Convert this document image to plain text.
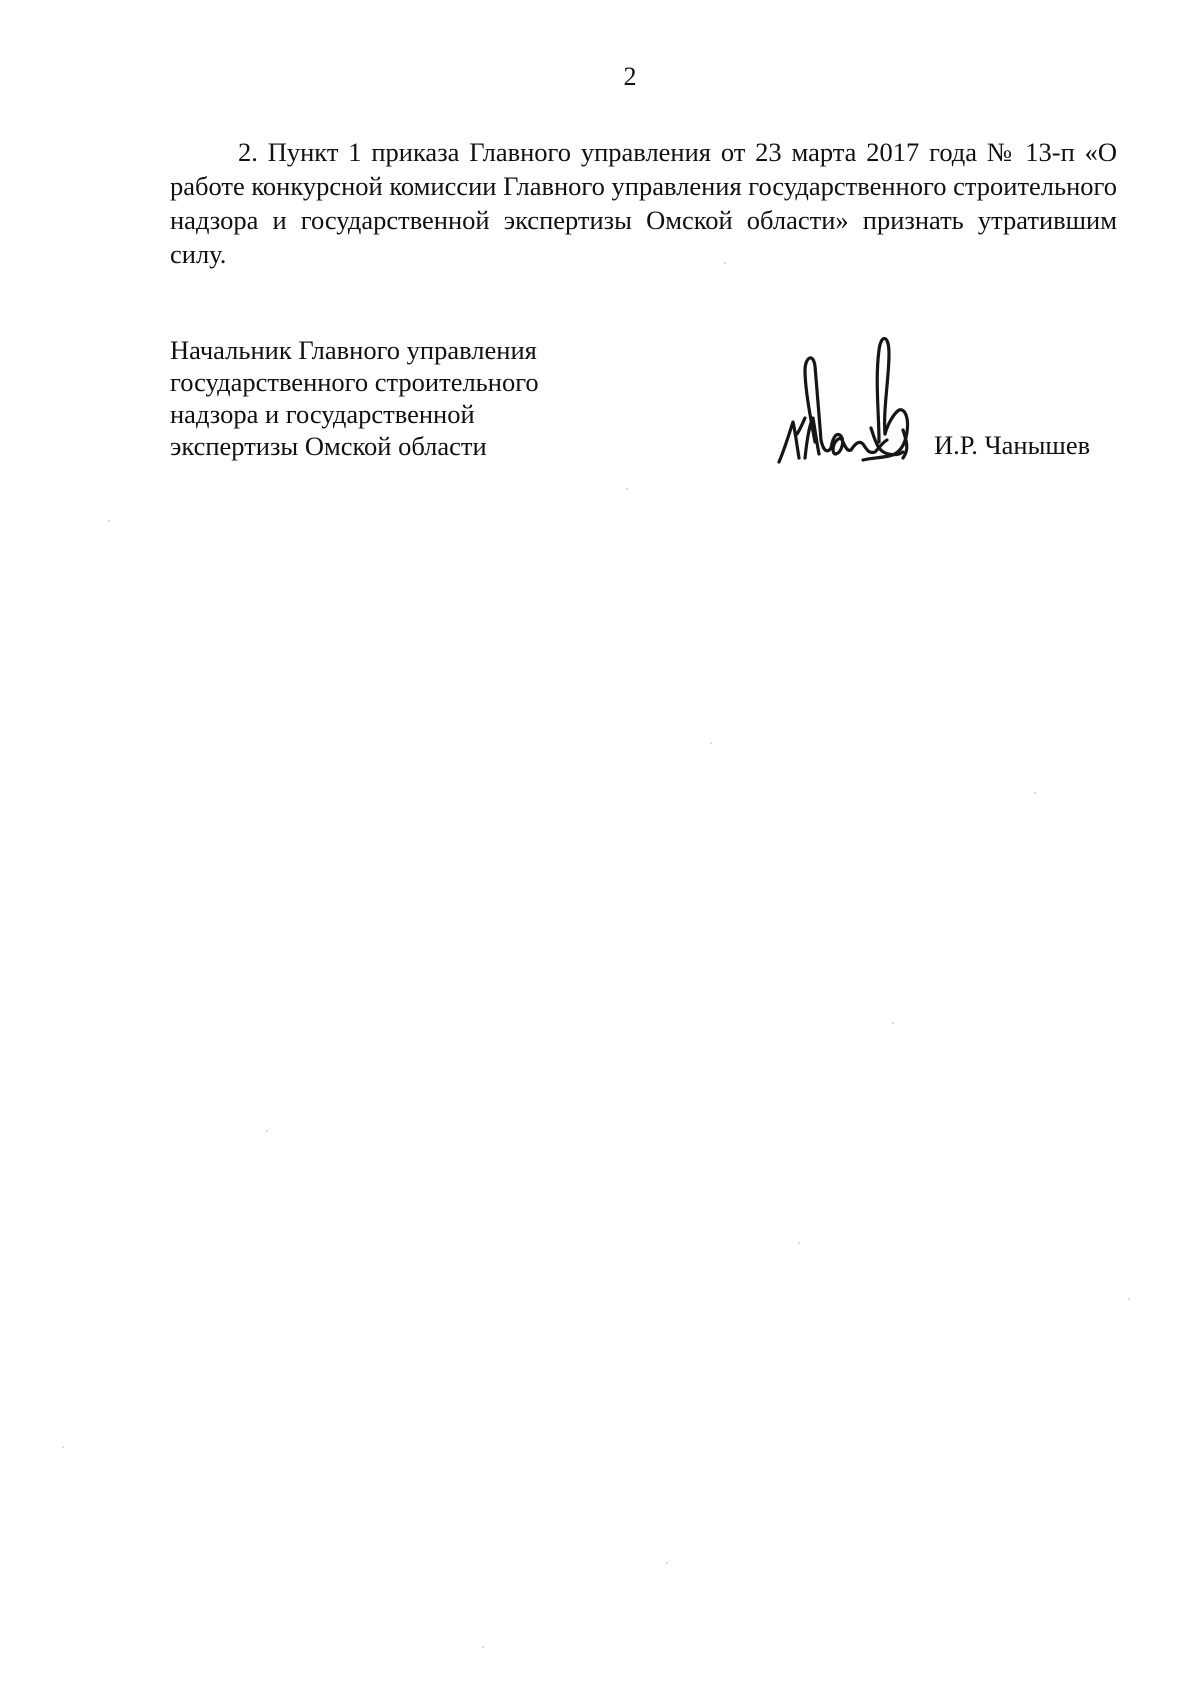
2

2. Пункт 1 приказа Главного управления от 23 марта 2017 года № 13-п «О работе конкурсной комиссии Главного управления государственного строительного надзора и государственной экспертизы Омской области» признать утратившим силу.

Начальник Главного управления
государственного строительного
надзора и государственной
экспертизы Омской области	И.Р. Чанышев
